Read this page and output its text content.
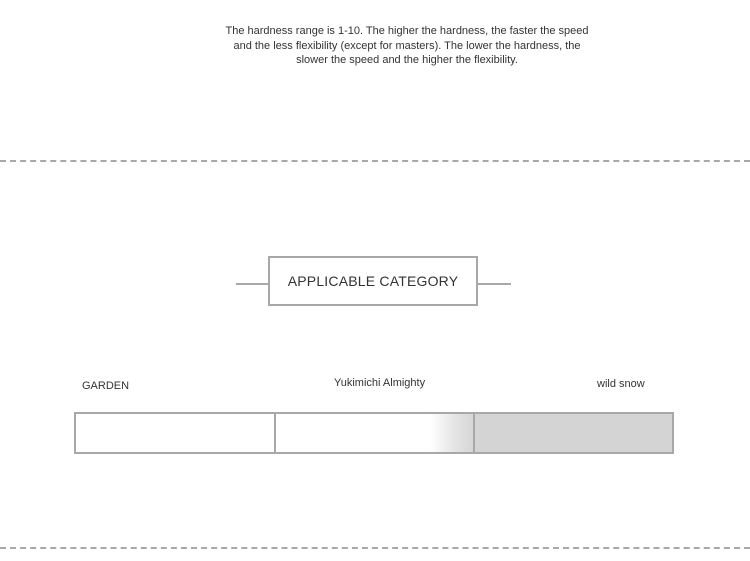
The hardness range is 1-10. The higher the hardness, the faster the speed and the less flexibility (except for masters). The lower the hardness, the slower the speed and the higher the flexibility.

APPLICABLE CATEGORY
GARDEN	Yukimichi Almighty	wild snow
